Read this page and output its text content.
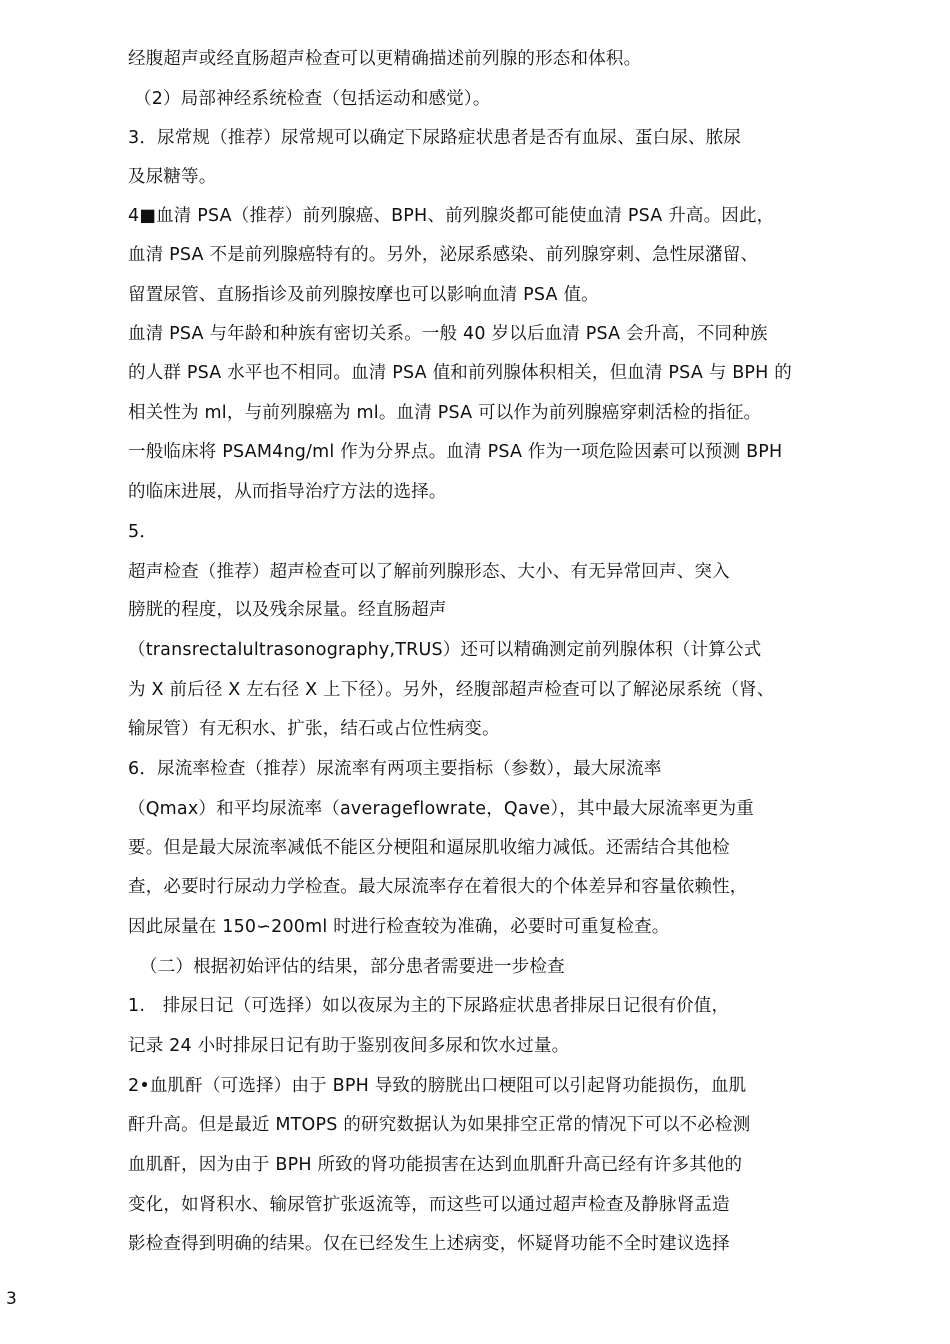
经腹超声或经直肠超声检查可以更精确描述前列腺的形态和体积。
（2）局部神经系统检查（包括运动和感觉）。
3．尿常规（推荐）尿常规可以确定下尿路症状患者是否有血尿、蛋白尿、脓尿
及尿糖等。
4■血清 PSA（推荐）前列腺癌、BPH、前列腺炎都可能使血清 PSA 升高。因此，
血清 PSA 不是前列腺癌特有的。另外，泌尿系感染、前列腺穿刺、急性尿潴留、
留置尿管、直肠指诊及前列腺按摩也可以影响血清 PSA 值。
血清 PSA 与年龄和种族有密切关系。一般 40 岁以后血清 PSA 会升高，不同种族
的人群 PSA 水平也不相同。血清 PSA 值和前列腺体积相关，但血清 PSA 与 BPH 的
相关性为 ml，与前列腺癌为 ml。血清 PSA 可以作为前列腺癌穿刺活检的指征。
一般临床将 PSAM4ng/ml 作为分界点。血清 PSA 作为一项危险因素可以预测 BPH
的临床进展，从而指导治疗方法的选择。
5．
超声检查（推荐）超声检查可以了解前列腺形态、大小、有无异常回声、突入
膀胱的程度，以及残余尿量。经直肠超声
（transrectalultrasonography,TRUS）还可以精确测定前列腺体积（计算公式
为 X 前后径 X 左右径 X 上下径）。另外，经腹部超声检查可以了解泌尿系统（肾、
输尿管）有无积水、扩张，结石或占位性病变。
6．尿流率检查（推荐）尿流率有两项主要指标（参数），最大尿流率
（Qmax）和平均尿流率（averageflowrate，Qave），其中最大尿流率更为重
要。但是最大尿流率减低不能区分梗阻和逼尿肌收缩力减低。还需结合其他检
查，必要时行尿动力学检查。最大尿流率存在着很大的个体差异和容量依赖性，
因此尿量在 150∽200ml 时进行检查较为准确，必要时可重复检查。
（二）根据初始评估的结果，部分患者需要进一步检查
1.　排尿日记（可选择）如以夜尿为主的下尿路症状患者排尿日记很有价值，
记录 24 小时排尿日记有助于鉴别夜间多尿和饮水过量。
2•血肌酐（可选择）由于 BPH 导致的膀胱出口梗阻可以引起肾功能损伤，血肌
酐升高。但是最近 MTOPS 的研究数据认为如果排空正常的情况下可以不必检测
血肌酐，因为由于 BPH 所致的肾功能损害在达到血肌酐升高已经有许多其他的
变化，如肾积水、输尿管扩张返流等，而这些可以通过超声检查及静脉肾盂造
影检查得到明确的结果。仅在已经发生上述病变，怀疑肾功能不全时建议选择
3
